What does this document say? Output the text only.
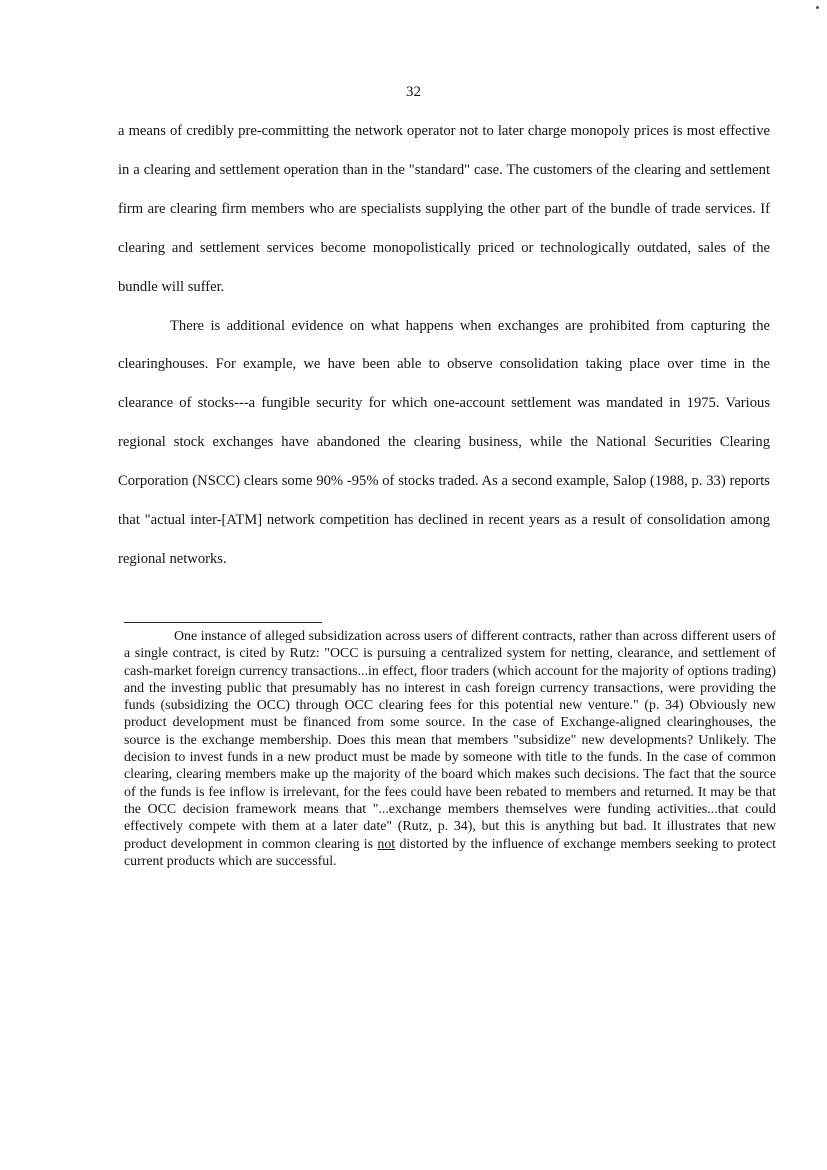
32

a means of credibly pre-committing the network operator not to later charge monopoly prices is most effective in a clearing and settlement operation than in the "standard" case. The customers of the clearing and settlement firm are clearing firm members who are specialists supplying the other part of the bundle of trade services. If clearing and settlement services become monopolistically priced or technologically outdated, sales of the bundle will suffer.

There is additional evidence on what happens when exchanges are prohibited from capturing the clearinghouses. For example, we have been able to observe consolidation taking place over time in the clearance of stocks---a fungible security for which one-account settlement was mandated in 1975. Various regional stock exchanges have abandoned the clearing business, while the National Securities Clearing Corporation (NSCC) clears some 90% -95% of stocks traded. As a second example, Salop (1988, p. 33) reports that "actual inter-[ATM] network competition has declined in recent years as a result of consolidation among regional networks.

One instance of alleged subsidization across users of different contracts, rather than across different users of a single contract, is cited by Rutz: "OCC is pursuing a centralized system for netting, clearance, and settlement of cash-market foreign currency transactions...in effect, floor traders (which account for the majority of options trading) and the investing public that presumably has no interest in cash foreign currency transactions, were providing the funds (subsidizing the OCC) through OCC clearing fees for this potential new venture." (p. 34) Obviously new product development must be financed from some source. In the case of Exchange-aligned clearinghouses, the source is the exchange membership. Does this mean that members "subsidize" new developments? Unlikely. The decision to invest funds in a new product must be made by someone with title to the funds. In the case of common clearing, clearing members make up the majority of the board which makes such decisions. The fact that the source of the funds is fee inflow is irrelevant, for the fees could have been rebated to members and returned. It may be that the OCC decision framework means that "...exchange members themselves were funding activities...that could effectively compete with them at a later date" (Rutz, p. 34), but this is anything but bad. It illustrates that new product development in common clearing is not distorted by the influence of exchange members seeking to protect current products which are successful.
